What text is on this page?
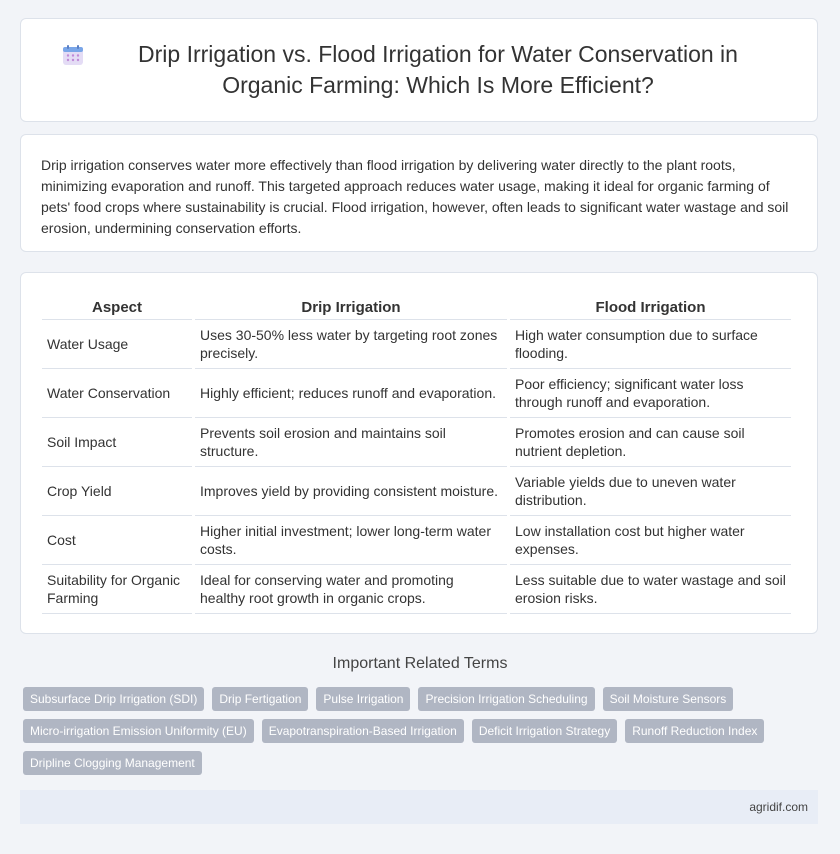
Drip Irrigation vs. Flood Irrigation for Water Conservation in Organic Farming: Which Is More Efficient?

Drip irrigation conserves water more effectively than flood irrigation by delivering water directly to the plant roots, minimizing evaporation and runoff. This targeted approach reduces water usage, making it ideal for organic farming of pets' food crops where sustainability is crucial. Flood irrigation, however, often leads to significant water wastage and soil erosion, undermining conservation efforts.

Aspect	Drip Irrigation	Flood Irrigation
Water Usage	Uses 30-50% less water by targeting root zones precisely.	High water consumption due to surface flooding.
Water Conservation	Highly efficient; reduces runoff and evaporation.	Poor efficiency; significant water loss through runoff and evaporation.
Soil Impact	Prevents soil erosion and maintains soil structure.	Promotes erosion and can cause soil nutrient depletion.
Crop Yield	Improves yield by providing consistent moisture.	Variable yields due to uneven water distribution.
Cost	Higher initial investment; lower long-term water costs.	Low installation cost but higher water expenses.
Suitability for Organic Farming	Ideal for conserving water and promoting healthy root growth in organic crops.	Less suitable due to water wastage and soil erosion risks.
Important Related Terms
Subsurface Drip Irrigation (SDI)	Drip Fertigation	Pulse Irrigation	Precision Irrigation Scheduling	Soil Moisture Sensors
Micro-irrigation Emission Uniformity (EU)	Evapotranspiration-Based Irrigation	Deficit Irrigation Strategy	Runoff Reduction Index
Dripline Clogging Management
agridif.com
